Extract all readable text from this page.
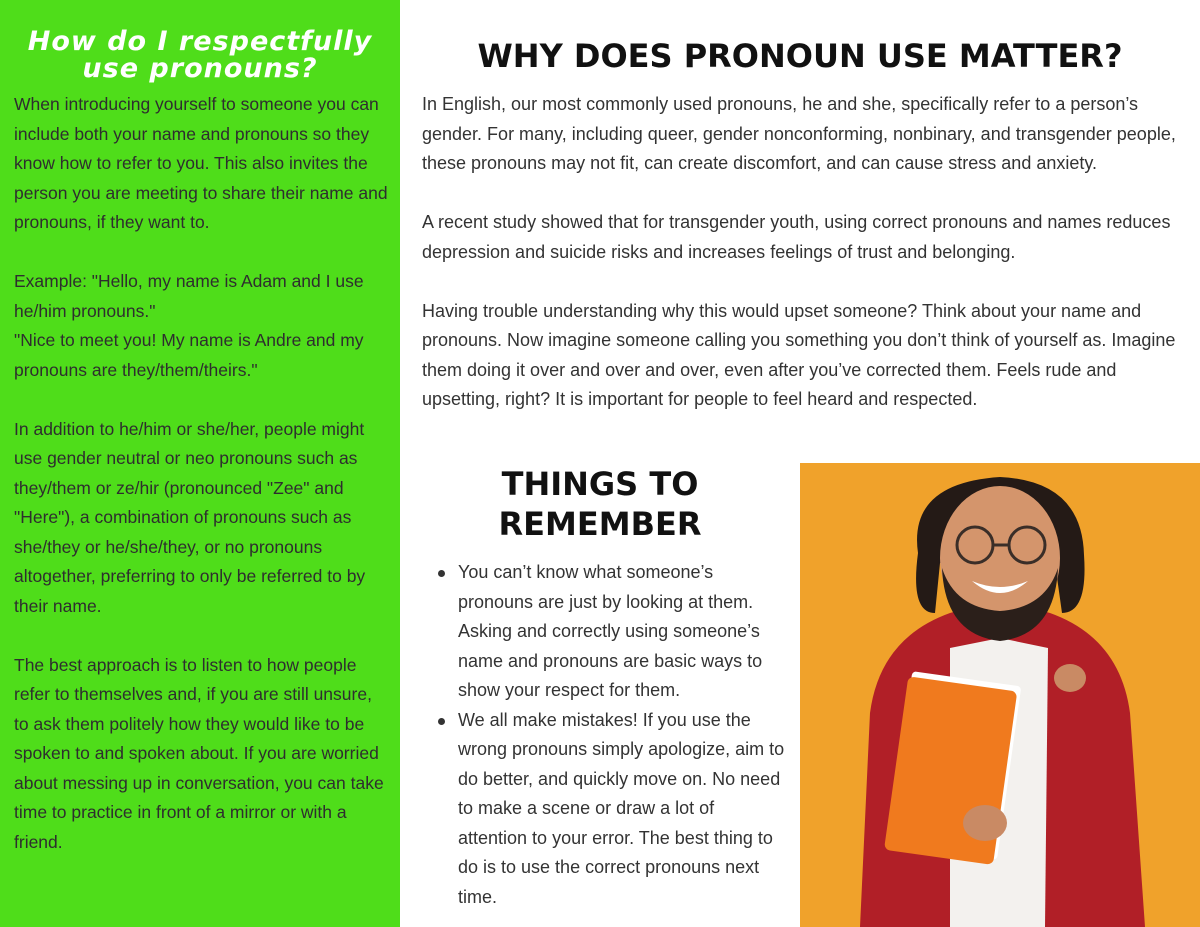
How do I respectfully
use pronouns?

When introducing yourself to someone you can include both your name and pronouns so they know how to refer to you. This also invites the person you are meeting to share their name and pronouns, if they want to.

Example: "Hello, my name is Adam and I use he/him pronouns."

"Nice to meet you! My name is Andre and my pronouns are they/them/theirs."

In addition to he/him or she/her, people might use gender neutral or neo pronouns such as they/them or ze/hir (pronounced "Zee" and "Here"), a combination of pronouns such as she/they or he/she/they, or no pronouns altogether, preferring to only be referred to by their name.

The best approach is to listen to how people refer to themselves and, if you are still unsure, to ask them politely how they would like to be spoken to and spoken about. If you are worried about messing up in conversation, you can take time to practice in front of a mirror or with a friend.

WHY DOES PRONOUN USE MATTER?

In English, our most commonly used pronouns, he and she, specifically refer to a person’s gender. For many, including queer, gender nonconforming, nonbinary, and transgender people, these pronouns may not fit, can create discomfort, and can cause stress and anxiety.

A recent study showed that for transgender youth, using correct pronouns and names reduces depression and suicide risks and increases feelings of trust and belonging.

Having trouble understanding why this would upset someone? Think about your name and pronouns. Now imagine someone calling you something you don’t think of yourself as. Imagine them doing it over and over and over, even after you’ve corrected them. Feels rude and upsetting, right? It is important for people to feel heard and respected.

THINGS TO
REMEMBER
You can’t know what someone’s pronouns are just by looking at them. Asking and correctly using someone’s name and pronouns are basic ways to show your respect for them.
We all make mistakes! If you use the wrong pronouns simply apologize, aim to do better, and quickly move on. No need to make a scene or draw a lot of attention to your error. The best thing to do is to use the correct pronouns next time.
